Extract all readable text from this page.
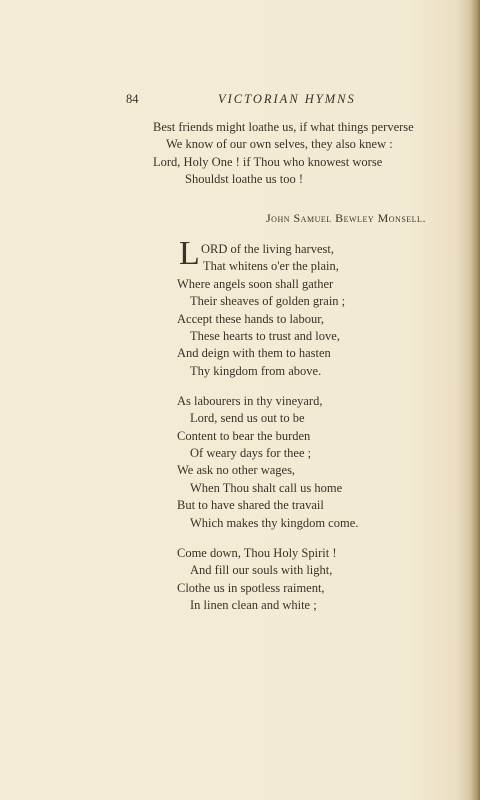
84	VICTORIAN HYMNS
Best friends might loathe us, if what things perverse
We know of our own selves, they also knew :
Lord, Holy One ! if Thou who knowest worse
Shouldst loathe us too !
John Samuel Bewley Monsell.
L ORD of the living harvest,
That whitens o'er the plain,
Where angels soon shall gather
Their sheaves of golden grain ;
Accept these hands to labour,
These hearts to trust and love,
And deign with them to hasten
Thy kingdom from above.
As labourers in thy vineyard,
Lord, send us out to be
Content to bear the burden
Of weary days for thee ;
We ask no other wages,
When Thou shalt call us home
But to have shared the travail
Which makes thy kingdom come.
Come down, Thou Holy Spirit !
And fill our souls with light,
Clothe us in spotless raiment,
In linen clean and white ;
